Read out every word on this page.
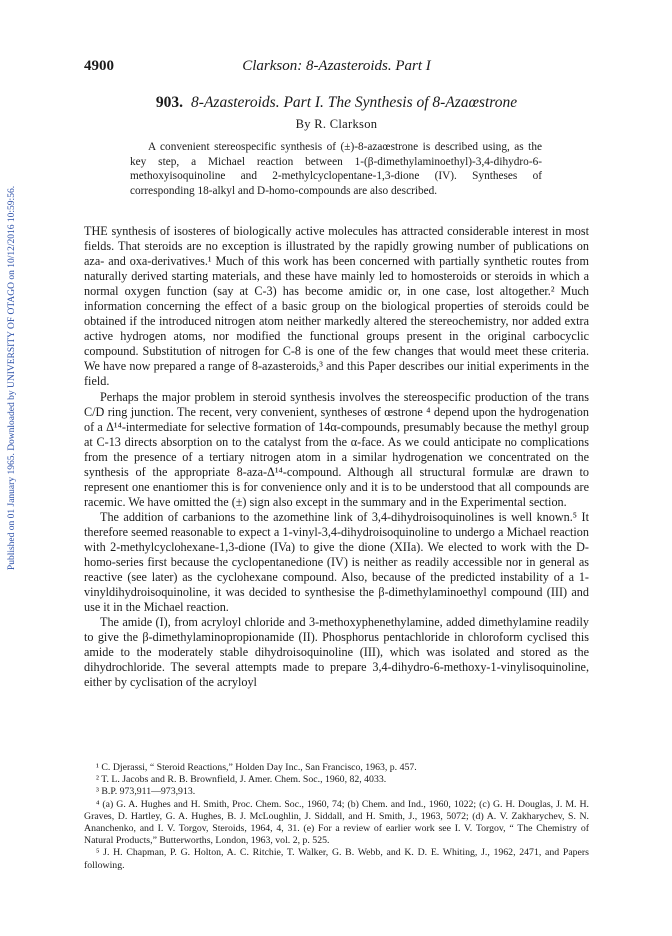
4900	Clarkson: 8-Azasteroids. Part I
Published on 01 January 1965. Downloaded by UNIVERSITY OF OTAGO on 10/12/2016 10:59:56.
903. 8-Azasteroids. Part I. The Synthesis of 8-Azaœstrone
By R. Clarkson

A convenient stereospecific synthesis of (±)-8-azaœstrone is described using, as the key step, a Michael reaction between 1-(β-dimethylaminoethyl)-3,4-dihydro-6-methoxyisoquinoline and 2-methylcyclopentane-1,3-dione (IV). Syntheses of corresponding 18-alkyl and D-homo-compounds are also described.

THE synthesis of isosteres of biologically active molecules has attracted considerable interest in most fields. That steroids are no exception is illustrated by the rapidly growing number of publications on aza- and oxa-derivatives.¹ Much of this work has been concerned with partially synthetic routes from naturally derived starting materials, and these have mainly led to homosteroids or steroids in which a normal oxygen function (say at C-3) has become amidic or, in one case, lost altogether.² Much information concerning the effect of a basic group on the biological properties of steroids could be obtained if the introduced nitrogen atom neither markedly altered the stereochemistry, nor added extra active hydrogen atoms, nor modified the functional groups present in the original carbocyclic compound. Substitution of nitrogen for C-8 is one of the few changes that would meet these criteria. We have now prepared a range of 8-azasteroids,³ and this Paper describes our initial experiments in the field.

Perhaps the major problem in steroid synthesis involves the stereospecific production of the trans C/D ring junction. The recent, very convenient, syntheses of œstrone ⁴ depend upon the hydrogenation of a Δ¹⁴-intermediate for selective formation of 14α-compounds, presumably because the methyl group at C-13 directs absorption on to the catalyst from the α-face. As we could anticipate no complications from the presence of a tertiary nitrogen atom in a similar hydrogenation we concentrated on the synthesis of the appropriate 8-aza-Δ¹⁴-compound. Although all structural formulæ are drawn to represent one enantiomer this is for convenience only and it is to be understood that all compounds are racemic. We have omitted the (±) sign also except in the summary and in the Experimental section.

The addition of carbanions to the azomethine link of 3,4-dihydroisoquinolines is well known.⁵ It therefore seemed reasonable to expect a 1-vinyl-3,4-dihydroisoquinoline to undergo a Michael reaction with 2-methylcyclohexane-1,3-dione (IVa) to give the dione (XIIa). We elected to work with the D-homo-series first because the cyclopentanedione (IV) is neither as readily accessible nor in general as reactive (see later) as the cyclohexane compound. Also, because of the predicted instability of a 1-vinyldihydroisoquinoline, it was decided to synthesise the β-dimethylaminoethyl compound (III) and use it in the Michael reaction.

The amide (I), from acryloyl chloride and 3-methoxyphenethylamine, added dimethylamine readily to give the β-dimethylaminopropionamide (II). Phosphorus pentachloride in chloroform cyclised this amide to the moderately stable dihydroisoquinoline (III), which was isolated and stored as the dihydrochloride. The several attempts made to prepare 3,4-dihydro-6-methoxy-1-vinylisoquinoline, either by cyclisation of the acryloyl

¹ C. Djerassi, “ Steroid Reactions,” Holden Day Inc., San Francisco, 1963, p. 457.
² T. L. Jacobs and R. B. Brownfield, J. Amer. Chem. Soc., 1960, 82, 4033.
³ B.P. 973,911—973,913.
⁴ (a) G. A. Hughes and H. Smith, Proc. Chem. Soc., 1960, 74; (b) Chem. and Ind., 1960, 1022; (c) G. H. Douglas, J. M. H. Graves, D. Hartley, G. A. Hughes, B. J. McLoughlin, J. Siddall, and H. Smith, J., 1963, 5072; (d) A. V. Zakharychev, S. N. Ananchenko, and I. V. Torgov, Steroids, 1964, 4, 31. (e) For a review of earlier work see I. V. Torgov, “ The Chemistry of Natural Products,” Butterworths, London, 1963, vol. 2, p. 525.
⁵ J. H. Chapman, P. G. Holton, A. C. Ritchie, T. Walker, G. B. Webb, and K. D. E. Whiting, J., 1962, 2471, and Papers following.
